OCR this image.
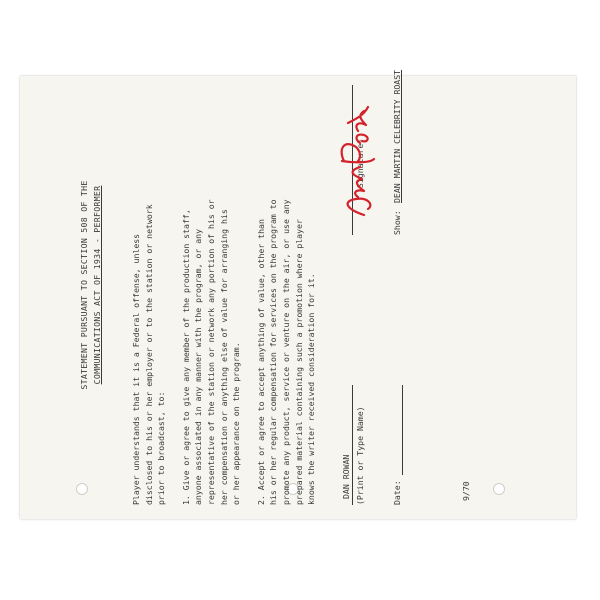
STATEMENT PURSUANT TO SECTION 508 OF THE COMMUNICATIONS ACT OF 1934 - PERFORMER

Player understands that it is a Federal offense, unless
disclosed to his or her employer or to the station or network
prior to broadcast, to:

1. Give or agree to give any member of the production staff,
anyone associated in any manner with the program, or any
representative of the station or network any portion of his or
her compensation or anything else of value for arranging his
or her appearance on the program.

2. Accept or agree to accept anything of value, other than
his or her regular compensation for services on the program to
promote any product, service or venture on the air, or use any
prepared material containing such a promotion where player
knows the writer received consideration for it.

DAN ROWAN (Print or Type Name)	Date:
(Signature)
Show:
DEAN MARTIN CELEBRITY ROAST
9/70
